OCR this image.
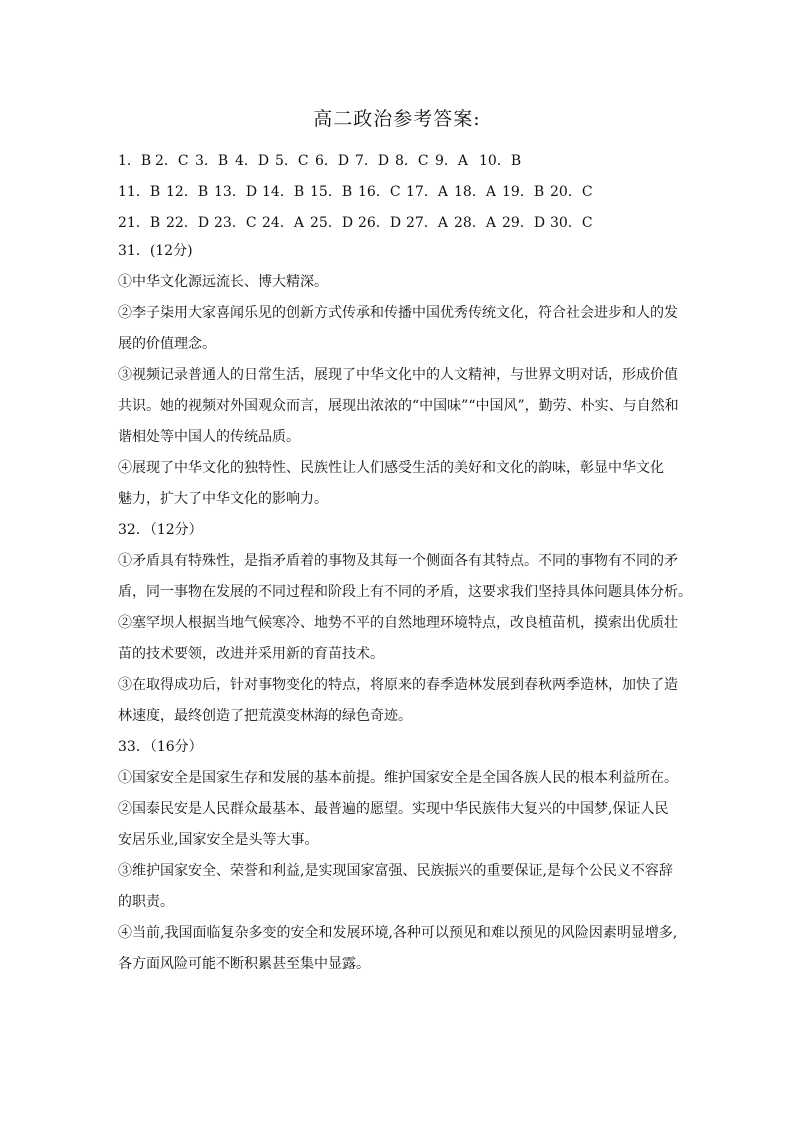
高二政治参考答案:
1．B 2．C 3．B 4．D 5．C 6．D 7．D 8．C 9．A 10．B
11．B 12．B 13．D 14．B 15．B 16．C 17．A 18．A 19．B 20．C
21．B 22．D 23．C 24．A 25．D 26．D 27．A 28．A 29．D 30．C
31．(12分)
①中华文化源远流长、博大精深。
②李子柒用大家喜闻乐见的创新方式传承和传播中国优秀传统文化，符合社会进步和人的发
展的价值理念。
③视频记录普通人的日常生活，展现了中华文化中的人文精神，与世界文明对话，形成价值
共识。她的视频对外国观众而言，展现出浓浓的“中国味”“中国风”，勤劳、朴实、与自然和
谐相处等中国人的传统品质。
④展现了中华文化的独特性、民族性让人们感受生活的美好和文化的韵味，彰显中华文化
魅力，扩大了中华文化的影响力。
32．（12分）
①矛盾具有特殊性，是指矛盾着的事物及其每一个侧面各有其特点。不同的事物有不同的矛
盾，同一事物在发展的不同过程和阶段上有不同的矛盾，这要求我们坚持具体问题具体分析。
②塞罕坝人根据当地气候寒冷、地势不平的自然地理环境特点，改良植苗机，摸索出优质壮
苗的技术要领，改进并采用新的育苗技术。
③在取得成功后，针对事物变化的特点，将原来的春季造林发展到春秋两季造林，加快了造
林速度，最终创造了把荒漠变林海的绿色奇迹。
33．（16分）
①国家安全是国家生存和发展的基本前提。维护国家安全是全国各族人民的根本利益所在。
②国泰民安是人民群众最基本、最普遍的愿望。实现中华民族伟大复兴的中国梦,保证人民
安居乐业,国家安全是头等大事。
③维护国家安全、荣誉和利益,是实现国家富强、民族振兴的重要保证,是每个公民义不容辞
的职责。
④当前,我国面临复杂多变的安全和发展环境,各种可以预见和难以预见的风险因素明显增多,
各方面风险可能不断积累甚至集中显露。
